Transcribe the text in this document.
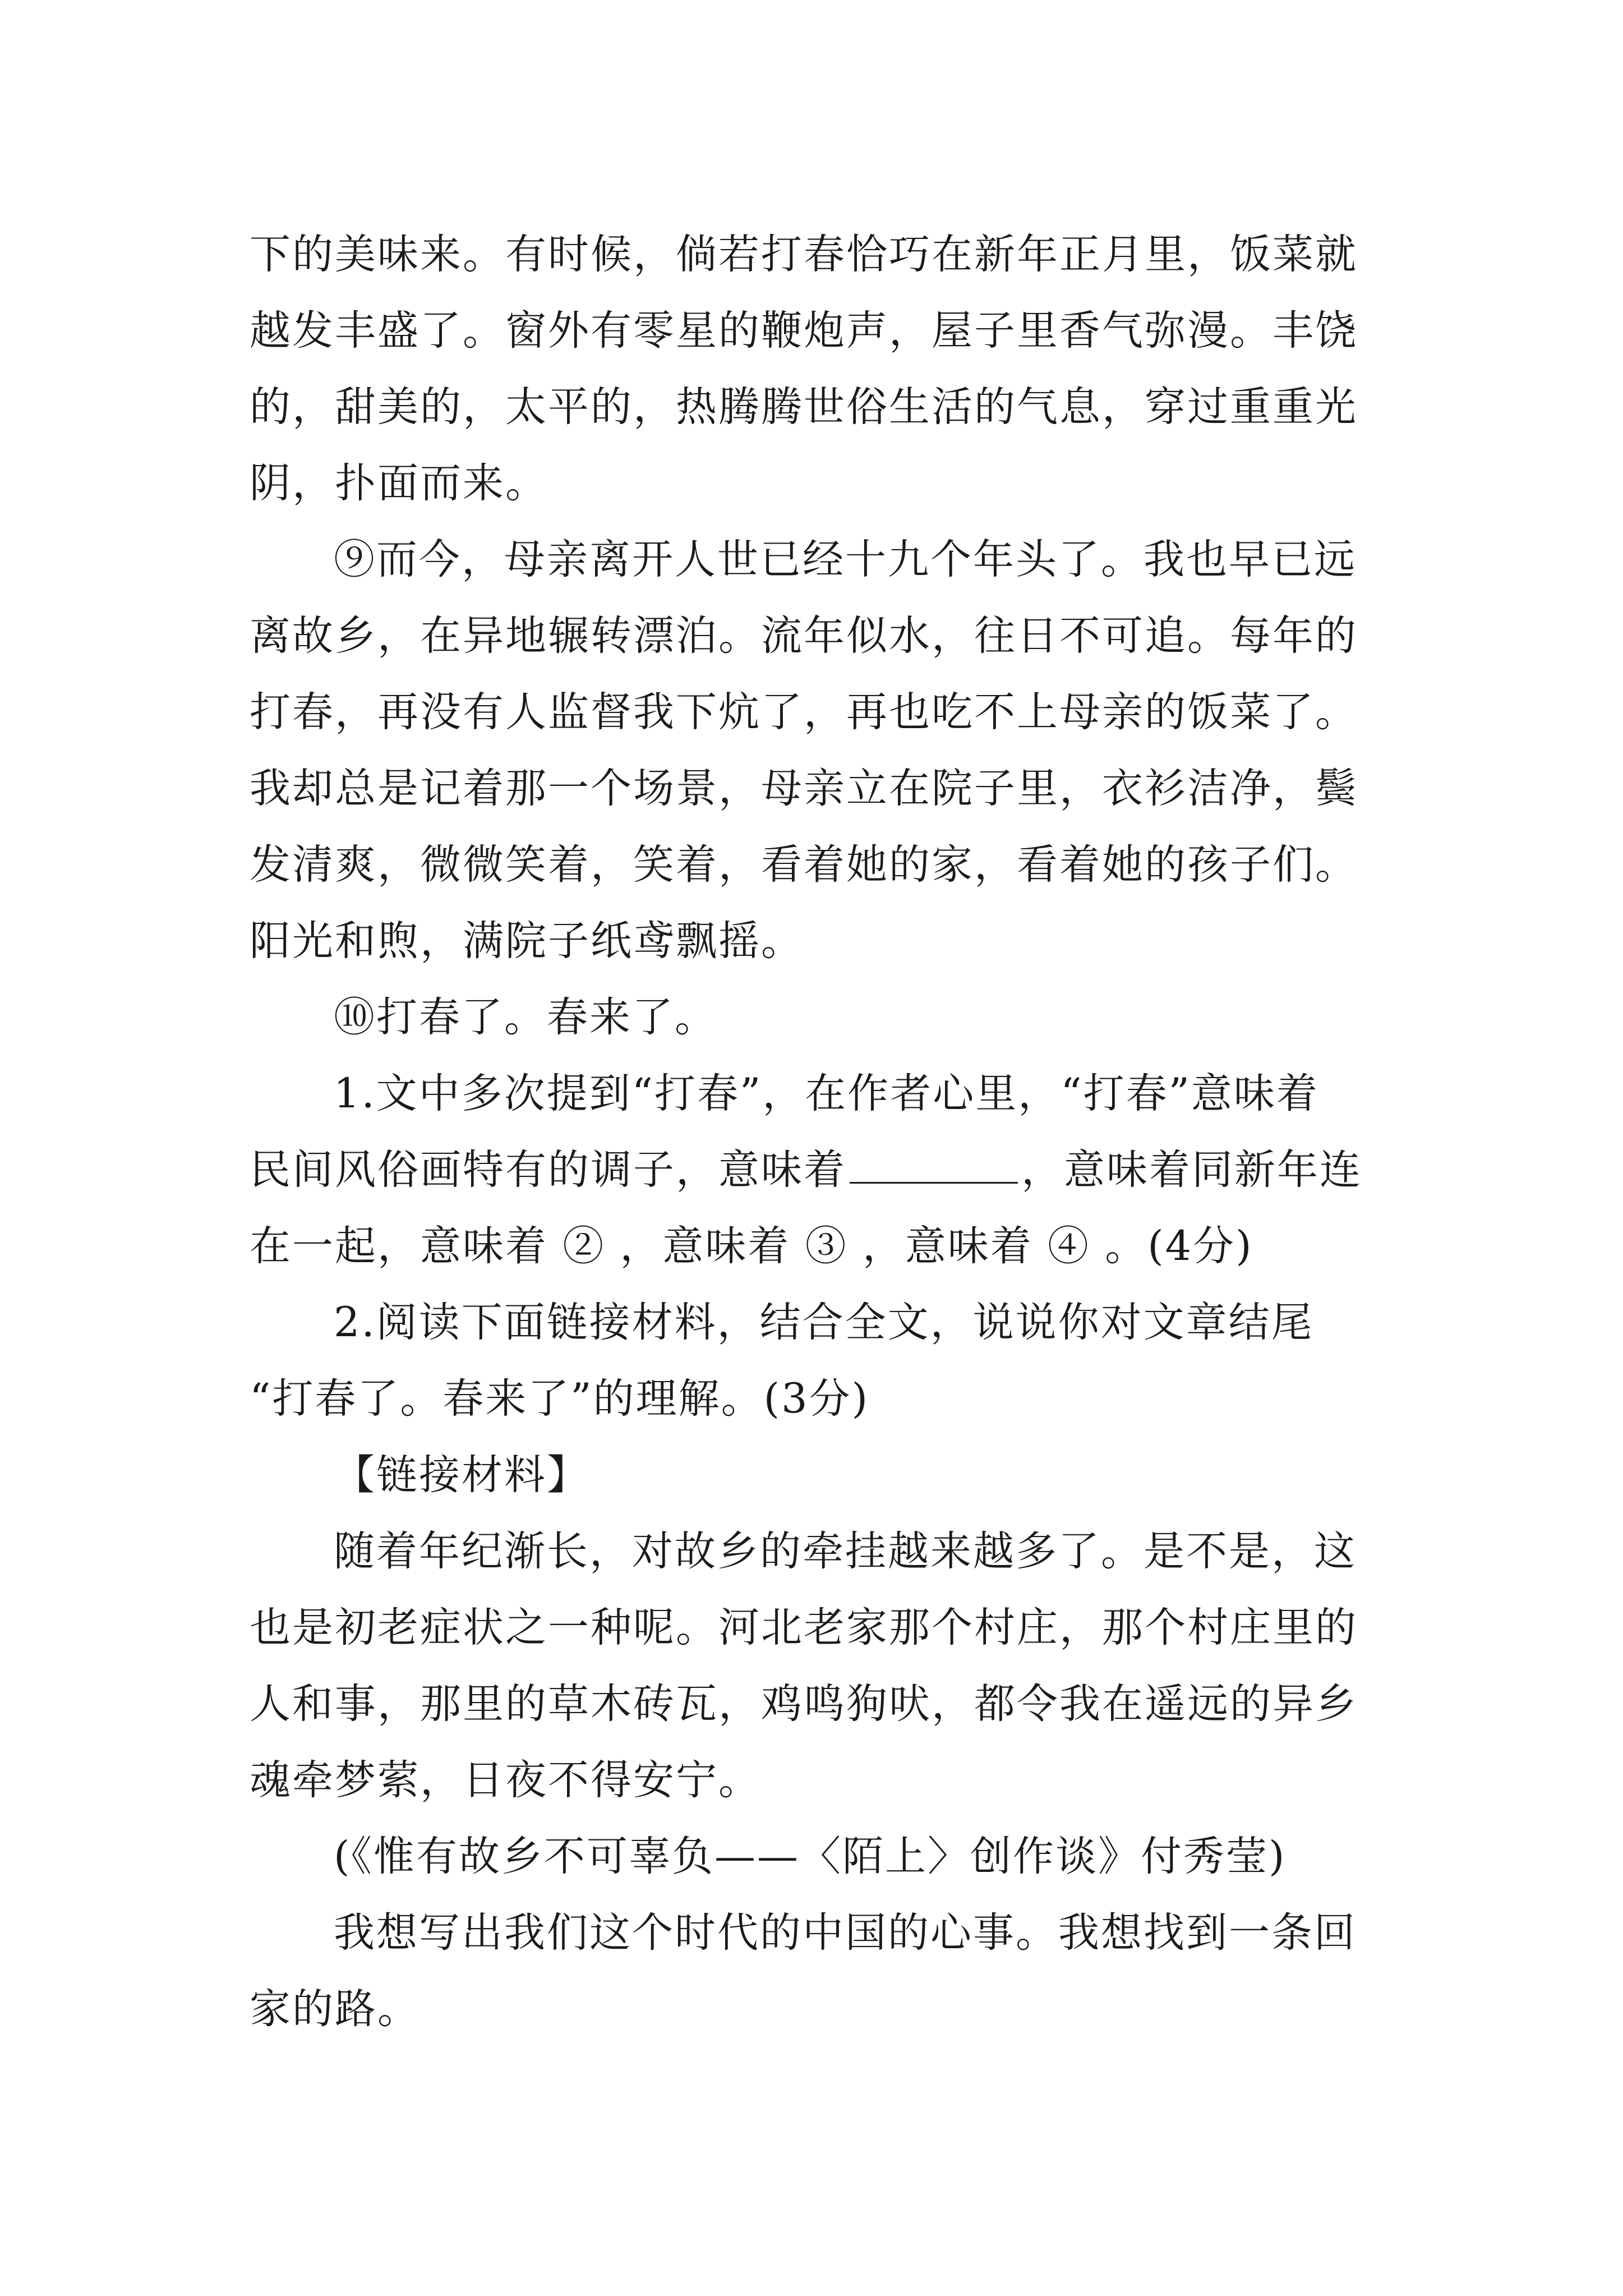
下的美味来。有时候，倘若打春恰巧在新年正月里，饭菜就
越发丰盛了。窗外有零星的鞭炮声，屋子里香气弥漫。丰饶
的，甜美的，太平的，热腾腾世俗生活的气息，穿过重重光
阴，扑面而来。
⑨而今，母亲离开人世已经十九个年头了。我也早已远
离故乡，在异地辗转漂泊。流年似水，往日不可追。每年的
打春，再没有人监督我下炕了，再也吃不上母亲的饭菜了。
我却总是记着那一个场景，母亲立在院子里，衣衫洁净，鬓
发清爽，微微笑着，笑着，看着她的家，看着她的孩子们。
阳光和煦，满院子纸鸢飘摇。
⑩打春了。春来了。
1.文中多次提到“打春”，在作者心里，“打春”意味着
民间风俗画特有的调子，意味着	，意味着同新年连
在一起，意味着 ② ，意味着 ③ ，意味着 ④ 。(4分)
2.阅读下面链接材料，结合全文，说说你对文章结尾
“打春了。春来了”的理解。(3分)
【链接材料】
随着年纪渐长，对故乡的牵挂越来越多了。是不是，这
也是初老症状之一种呢。河北老家那个村庄，那个村庄里的
人和事，那里的草木砖瓦，鸡鸣狗吠，都令我在遥远的异乡
魂牵梦萦，日夜不得安宁。
(《惟有故乡不可辜负——〈陌上〉创作谈》付秀莹)
我想写出我们这个时代的中国的心事。我想找到一条回
家的路。
